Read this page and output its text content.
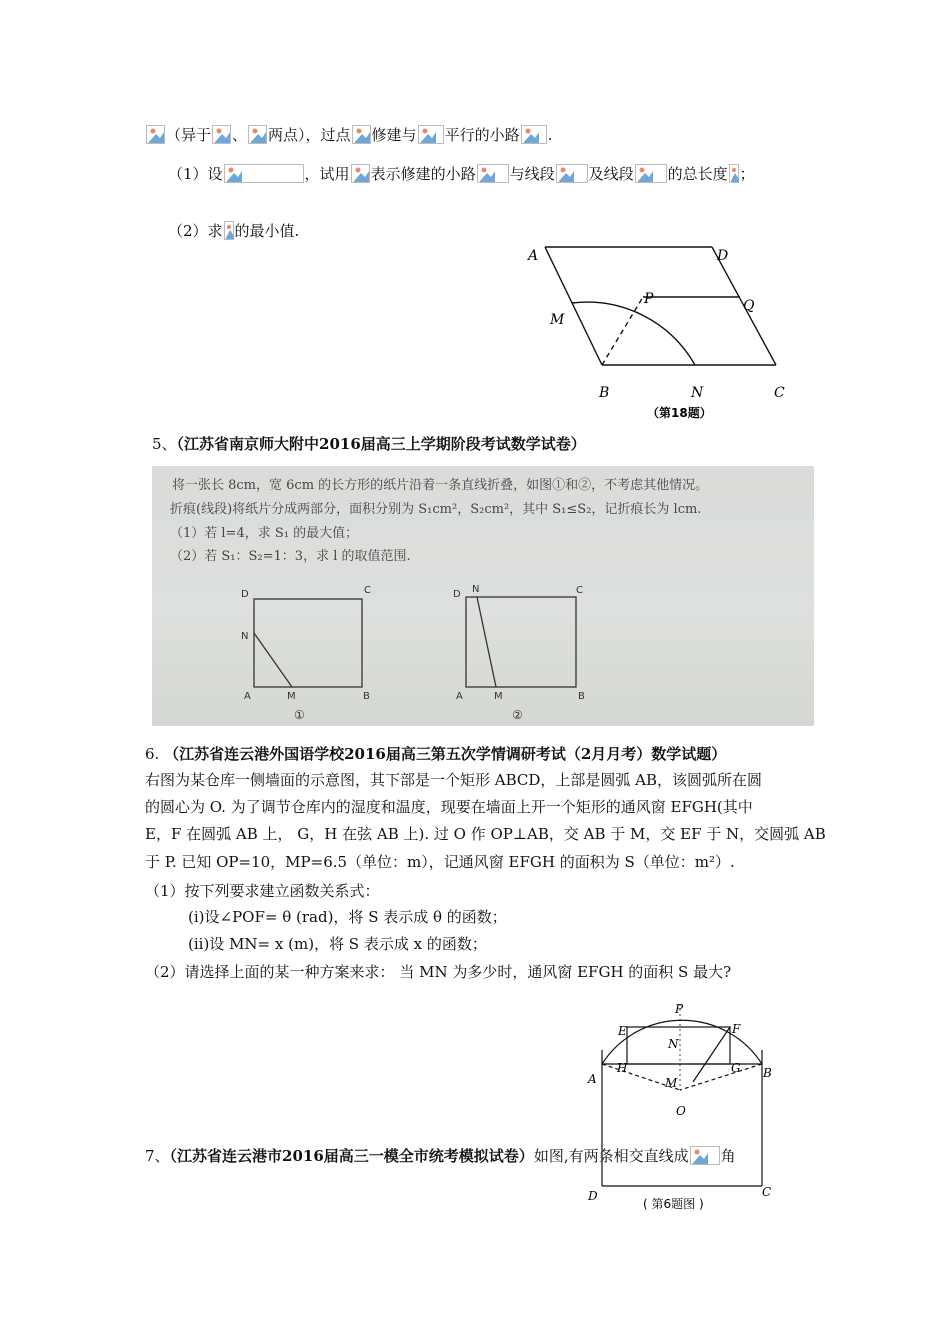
（异于 、 两点），过点 修建与 平行的小路 .
（1）设	，试用 表示修建的小路 与线段 及线段 的总长度 ；
（2）求 的最小值.
A	D
M
P	Q
B	N	C
（第18题）
5、（江苏省南京师大附中2016届高三上学期阶段考试数学试卷）
将一张长 8cm，宽 6cm 的长方形的纸片沿着一条直线折叠，如图①和②，不考虑其他情况。
折痕(线段)将纸片分成两部分，面积分别为 S₁cm²，S₂cm²，其中 S₁≤S₂，记折痕长为 lcm.
（1）若 l=4，求 S₁ 的最大值；
（2）若 S₁：S₂=1：3，求 l 的取值范围.
D	C
N
A	M	B
①
D N	C
A	M	B
②
6. （江苏省连云港外国语学校2016届高三第五次学情调研考试（2月月考）数学试题）
右图为某仓库一侧墙面的示意图，其下部是一个矩形 ABCD，上部是圆弧 AB，该圆弧所在圆
的圆心为 O. 为了调节仓库内的湿度和温度，现要在墙面上开一个矩形的通风窗 EFGH(其中
E，F 在圆弧 AB 上， G，H 在弦 AB 上). 过 O 作 OP⊥AB，交 AB 于 M，交 EF 于 N，交圆弧 AB
于 P. 已知 OP=10，MP=6.5（单位：m），记通风窗 EFGH 的面积为 S（单位：m²）.
（1）按下列要求建立函数关系式：
(i)设∠POF= θ (rad)，将 S 表示成 θ 的函数；
(ii)设 MN= x (m)，将 S 表示成 x 的函数；
（2）请选择上面的某一种方案来求： 当 MN 为多少时，通风窗 EFGH 的面积 S 最大?
P
E	F
N
A
H	G B
M
O
D	C
( 第6题图 )
7、（江苏省连云港市2016届高三一模全市统考模拟试卷）如图,有两条相交直线成 角
